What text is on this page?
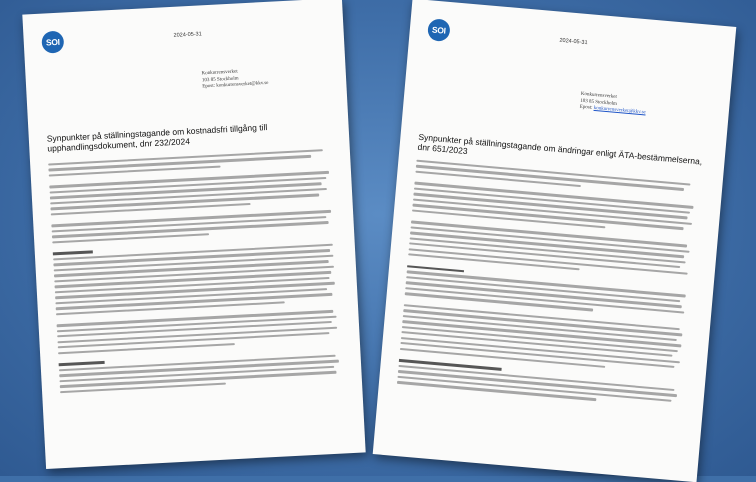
SOI
2024-05-31
Konkurrensverket
103 85 Stockholm
Epost: konkurrensverket@kkv.se
Synpunkter på ställningstagande om kostnadsfri tillgång till upphandlingsdokument, dnr 232/2024
SOI
2024-05-31
Konkurrensverket
103 85 Stockholm
Epost: konkurrensverket@kkv.se
Synpunkter på ställningstagande om ändringar enligt ÄTA-bestämmelserna, dnr 651/2023
